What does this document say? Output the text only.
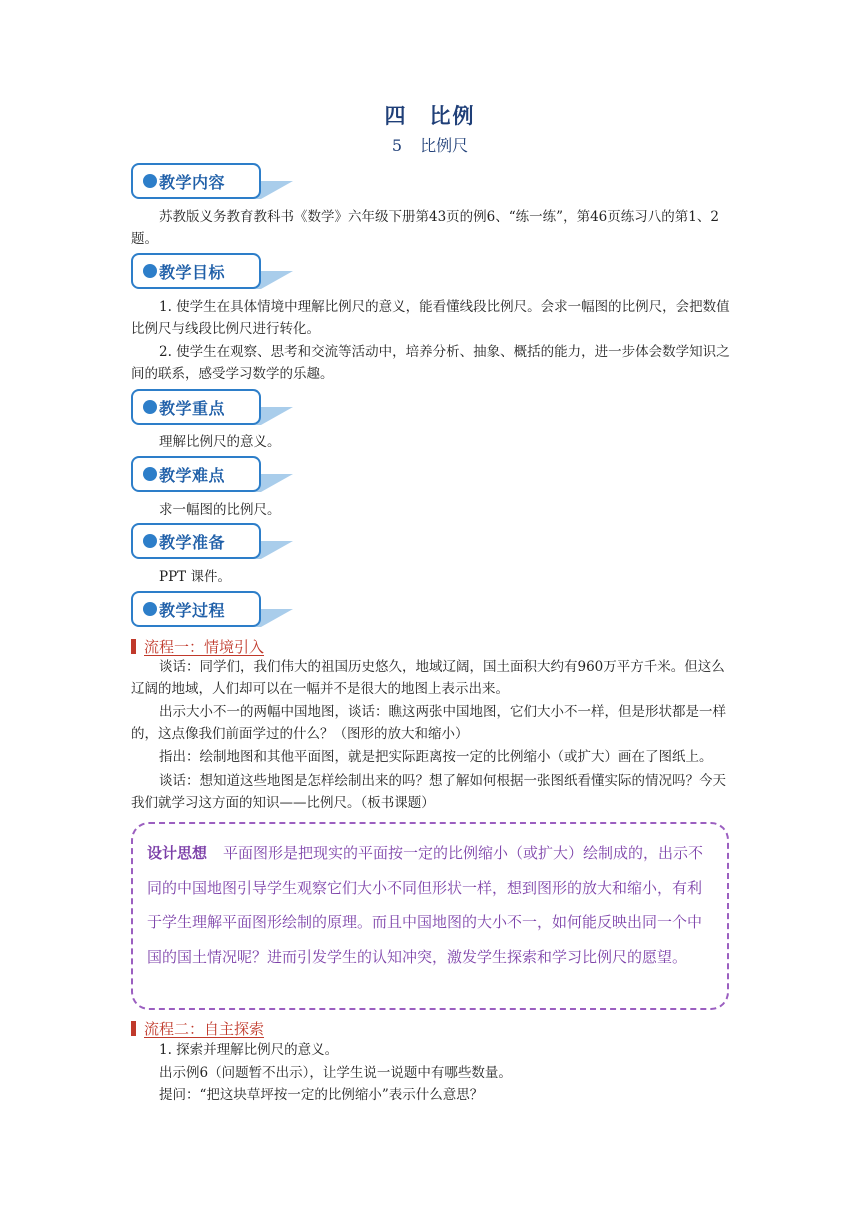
四 比例
5 比例尺
教学内容
苏教版义务教育教科书《数学》六年级下册第43页的例6、“练一练”，第46页练习八的第1、2题。
教学目标
1. 使学生在具体情境中理解比例尺的意义，能看懂线段比例尺。会求一幅图的比例尺，会把数值比例尺与线段比例尺进行转化。
2. 使学生在观察、思考和交流等活动中，培养分析、抽象、概括的能力，进一步体会数学知识之间的联系，感受学习数学的乐趣。
教学重点
理解比例尺的意义。
教学难点
求一幅图的比例尺。
教学准备
PPT 课件。
教学过程
流程一：情境引入
谈话：同学们，我们伟大的祖国历史悠久，地域辽阔，国土面积大约有960万平方千米。但这么辽阔的地域，人们却可以在一幅并不是很大的地图上表示出来。
出示大小不一的两幅中国地图，谈话：瞧这两张中国地图，它们大小不一样，但是形状都是一样的，这点像我们前面学过的什么？（图形的放大和缩小）
指出：绘制地图和其他平面图，就是把实际距离按一定的比例缩小（或扩大）画在了图纸上。
谈话：想知道这些地图是怎样绘制出来的吗？想了解如何根据一张图纸看懂实际的情况吗？今天我们就学习这方面的知识——比例尺。（板书课题）
设计思想 平面图形是把现实的平面按一定的比例缩小（或扩大）绘制成的，出示不同的中国地图引导学生观察它们大小不同但形状一样，想到图形的放大和缩小，有利于学生理解平面图形绘制的原理。而且中国地图的大小不一，如何能反映出同一个中国的国土情况呢？进而引发学生的认知冲突，激发学生探索和学习比例尺的愿望。
流程二：自主探索
1. 探索并理解比例尺的意义。
出示例6（问题暂不出示），让学生说一说题中有哪些数量。
提问：“把这块草坪按一定的比例缩小”表示什么意思？
